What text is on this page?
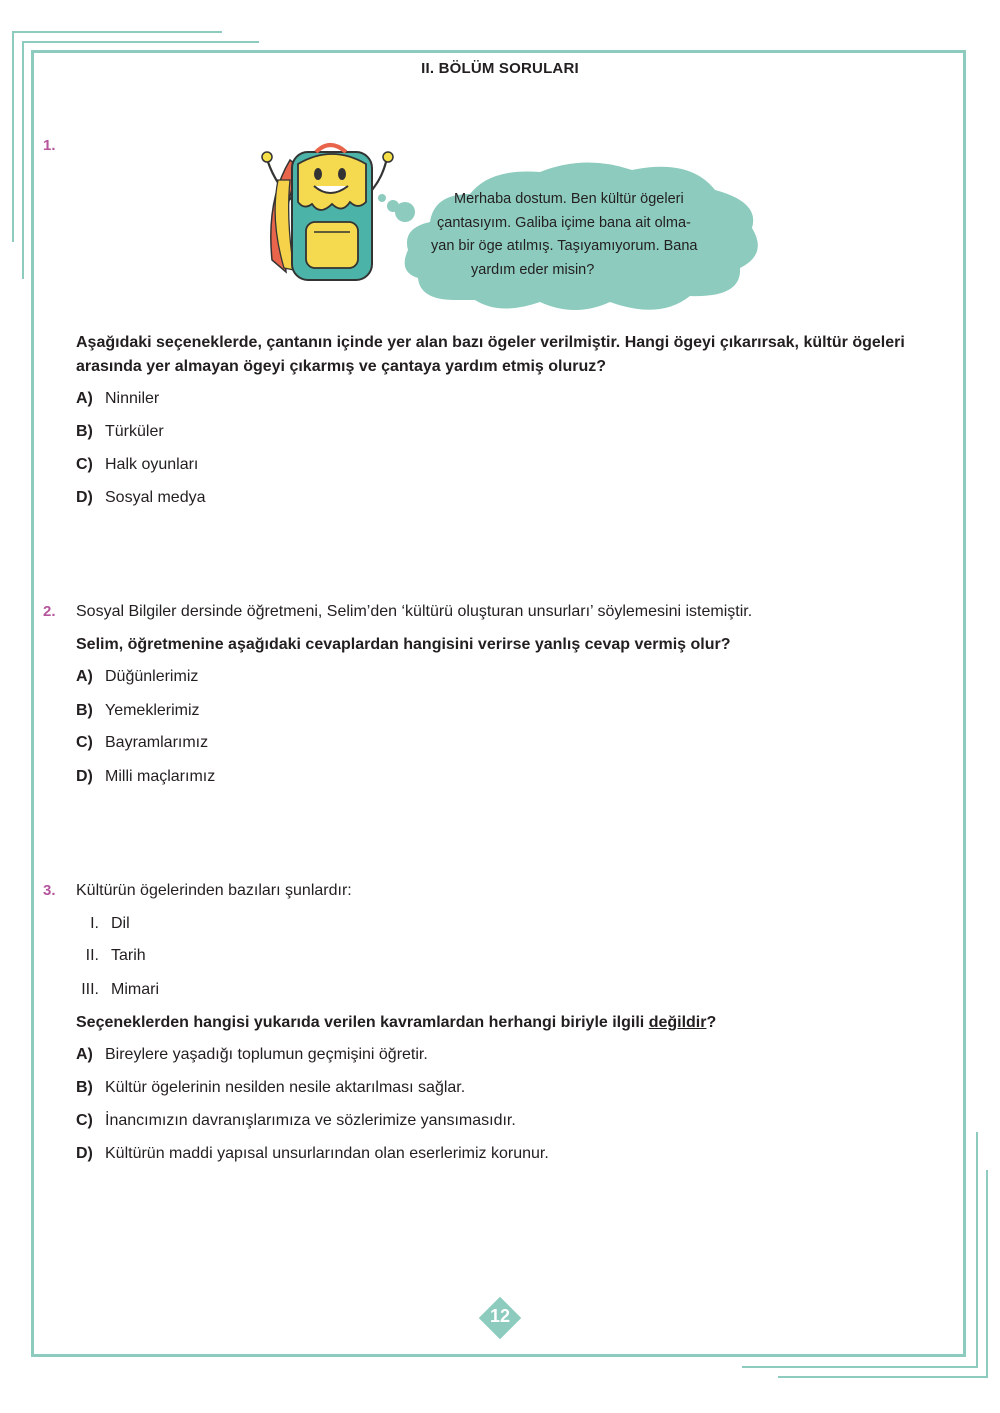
II. BÖLÜM SORULARI
1.
Merhaba dostum. Ben kültür ögeleri
çantasıyım. Galiba içime bana ait olma-
yan bir öge atılmış. Taşıyamıyorum. Bana
yardım eder misin?
Aşağıdaki seçeneklerde, çantanın içinde yer alan bazı ögeler verilmiştir. Hangi ögeyi çıkarırsak, kültür ögeleri arasında yer almayan ögeyi çıkarmış ve çantaya yardım etmiş oluruz?
A) Ninniler
B) Türküler
C) Halk oyunları
D) Sosyal medya
2. Sosyal Bilgiler dersinde öğretmeni, Selim’den ‘kültürü oluşturan unsurları’ söylemesini istemiştir.
Selim, öğretmenine aşağıdaki cevaplardan hangisini verirse yanlış cevap vermiş olur?
A) Düğünlerimiz
B) Yemeklerimiz
C) Bayramlarımız
D) Milli maçlarımız
3. Kültürün ögelerinden bazıları şunlardır:
I. Dil
II. Tarih
III. Mimari
Seçeneklerden hangisi yukarıda verilen kavramlardan herhangi biriyle ilgili değildir?
A) Bireylere yaşadığı toplumun geçmişini öğretir.
B) Kültür ögelerinin nesilden nesile aktarılması sağlar.
C) İnancımızın davranışlarımıza ve sözlerimize yansımasıdır.
D) Kültürün maddi yapısal unsurlarından olan eserlerimiz korunur.
12
